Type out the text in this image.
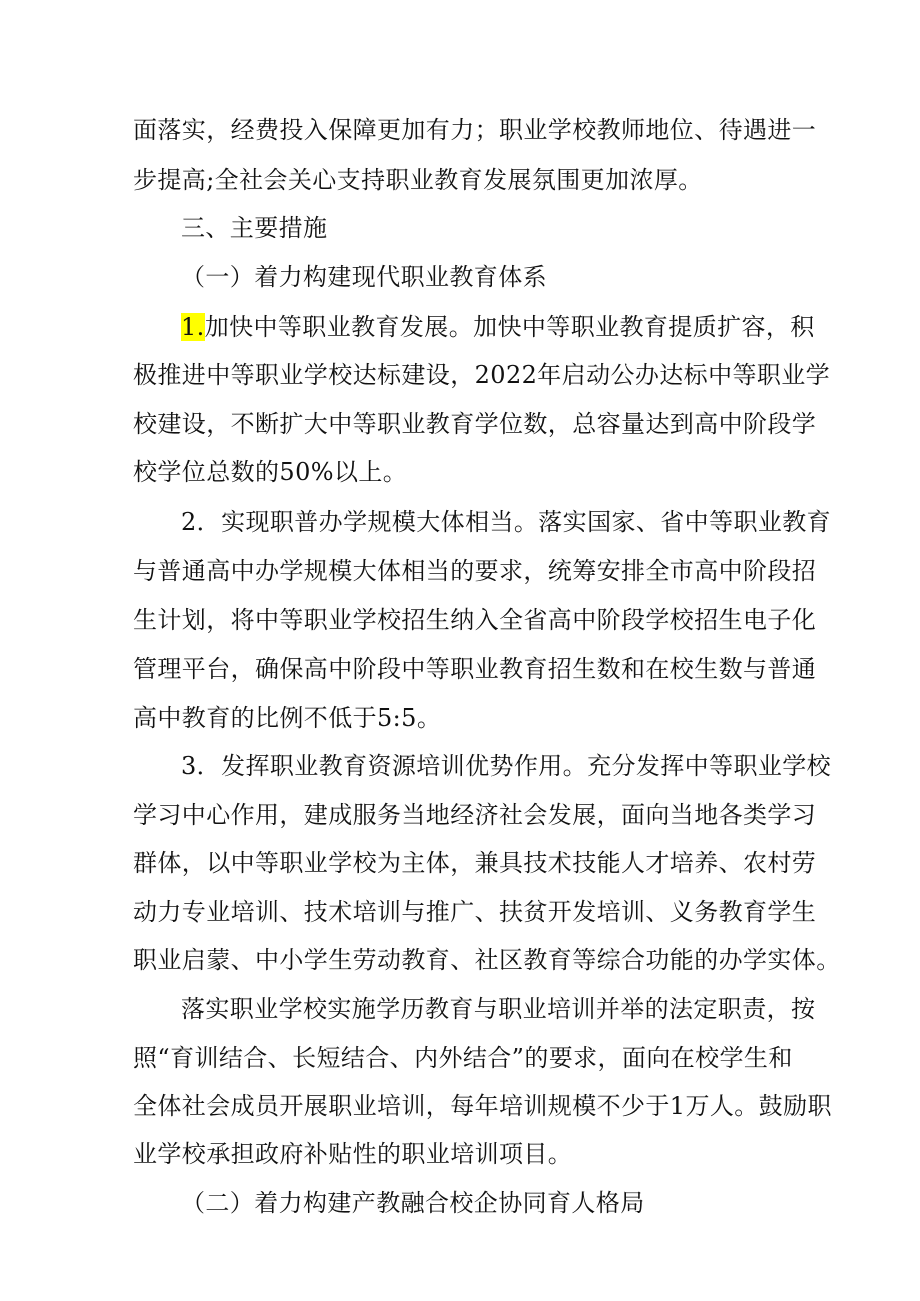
面落实，经费投入保障更加有力；职业学校教师地位、待遇进一
步提高;全社会关心支持职业教育发展氛围更加浓厚。
三、主要措施
（一）着力构建现代职业教育体系
1.加快中等职业教育发展。加快中等职业教育提质扩容，积
极推进中等职业学校达标建设，2022年启动公办达标中等职业学
校建设，不断扩大中等职业教育学位数，总容量达到高中阶段学
校学位总数的50%以上。
2．实现职普办学规模大体相当。落实国家、省中等职业教育
与普通高中办学规模大体相当的要求，统筹安排全市高中阶段招
生计划，将中等职业学校招生纳入全省高中阶段学校招生电子化
管理平台，确保高中阶段中等职业教育招生数和在校生数与普通
高中教育的比例不低于5:5。
3．发挥职业教育资源培训优势作用。充分发挥中等职业学校
学习中心作用，建成服务当地经济社会发展，面向当地各类学习
群体，以中等职业学校为主体，兼具技术技能人才培养、农村劳
动力专业培训、技术培训与推广、扶贫开发培训、义务教育学生
职业启蒙、中小学生劳动教育、社区教育等综合功能的办学实体。
落实职业学校实施学历教育与职业培训并举的法定职责，按
照“育训结合、长短结合、内外结合”的要求，面向在校学生和
全体社会成员开展职业培训，每年培训规模不少于1万人。鼓励职
业学校承担政府补贴性的职业培训项目。
（二）着力构建产教融合校企协同育人格局
